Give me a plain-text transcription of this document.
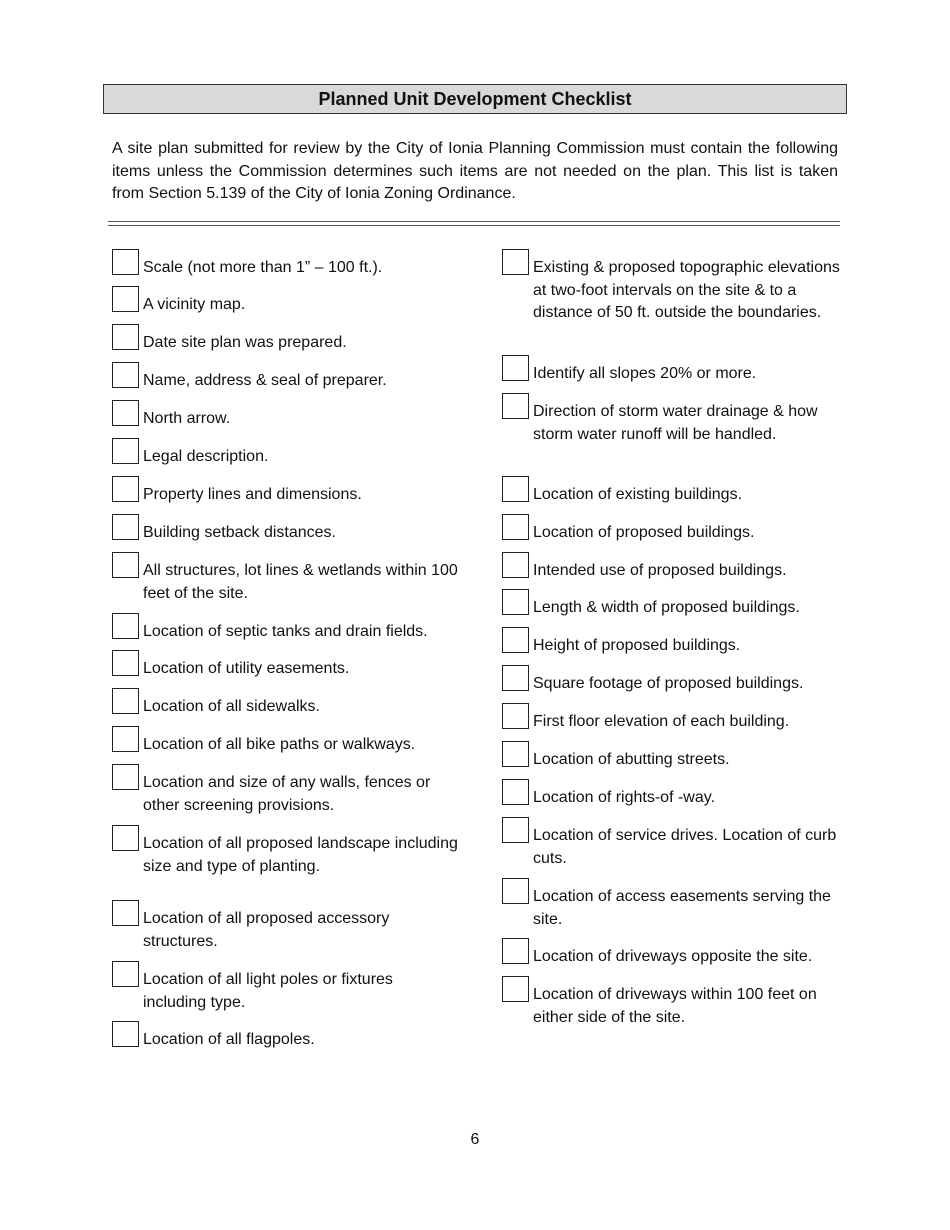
Planned Unit Development Checklist

A site plan submitted for review by the City of Ionia Planning Commission must contain the following items unless the Commission determines such items are not needed on the plan. This list is taken from Section 5.139 of the City of Ionia Zoning Ordinance.

Scale (not more than 1” – 100 ft.).
A vicinity map.
Date site plan was prepared.
Name, address & seal of preparer.
North arrow.
Legal description.
Property lines and dimensions.
Building setback distances.
All structures, lot lines & wetlands within 100 feet of the site.
Location of septic tanks and drain fields.
Location of utility easements.
Location of all sidewalks.
Location of all bike paths or walkways.
Location and size of any walls, fences or other screening provisions.
Location of all proposed landscape including size and type of planting.
Location of all proposed accessory structures.
Location of all light poles or fixtures including type.
Location of all flagpoles.
Existing & proposed topographic elevations at two-foot intervals on the site & to a distance of 50 ft. outside the boundaries.
Identify all slopes 20% or more.
Direction of storm water drainage & how storm water runoff will be handled.
Location of existing buildings.
Location of proposed buildings.
Intended use of proposed buildings.
Length & width of proposed buildings.
Height of proposed buildings.
Square footage of proposed buildings.
First floor elevation of each building.
Location of abutting streets.
Location of rights-of -way.
Location of service drives. Location of curb cuts.
Location of access easements serving the site.
Location of driveways opposite the site.
Location of driveways within 100 feet on either side of the site.
6
